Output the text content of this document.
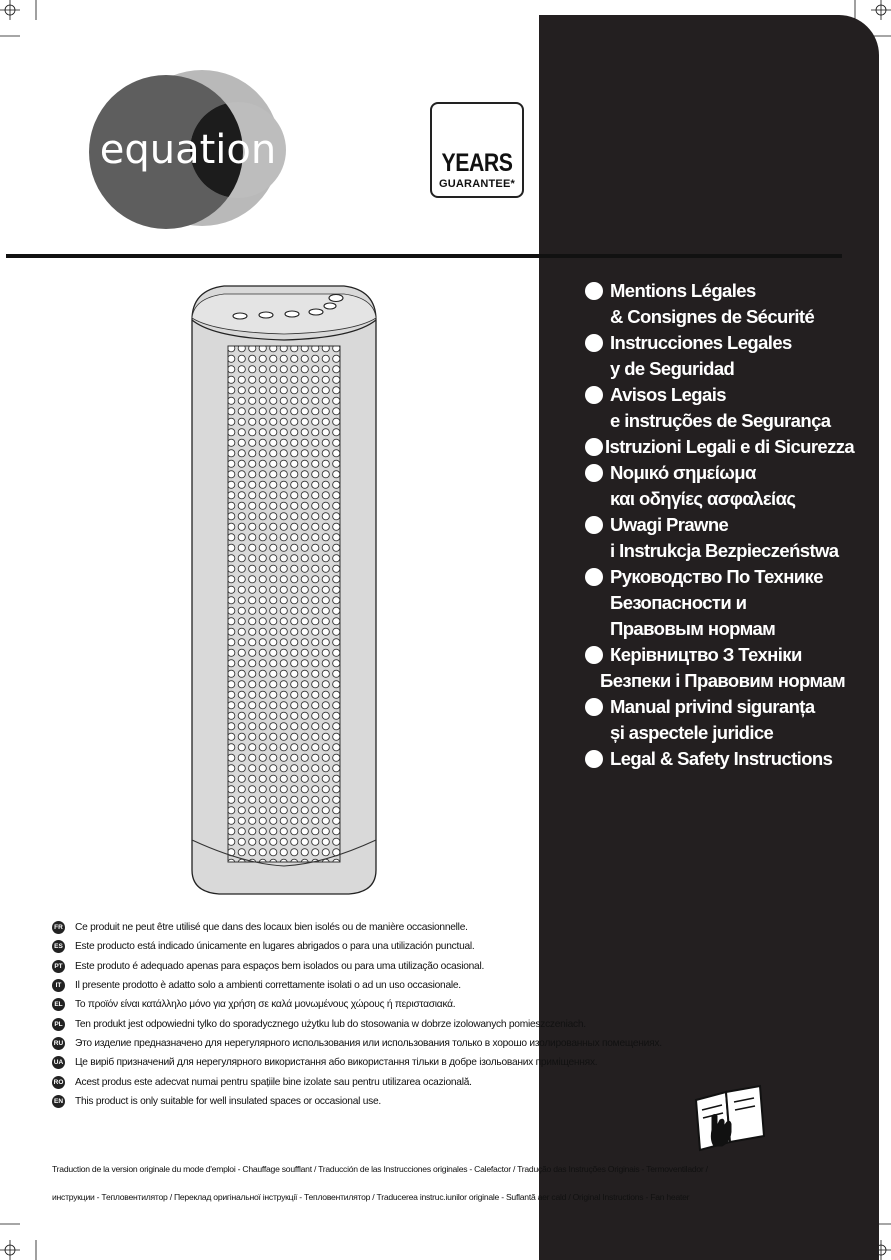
equation	YEARS
GUARANTEE*
Mentions Légales
& Consignes de Sécurité
Instrucciones Legales
y de Seguridad
Avisos Legais
e instruções de Segurança
Istruzioni Legali e di Sicurezza
Νομικό σημείωμα
και οδηγίες ασφαλείας
Uwagi Prawne
i Instrukcja Bezpieczeństwa
Руководство По Технике
Безопасности и
Правовым нормам
Керівництво З Техніки
Безпеки і Правовим нормам
Manual privind siguranța
și aspectele juridice
Legal & Safety Instructions
FR Ce produit ne peut être utilisé que dans des locaux bien isolés ou de manière occasionnelle.
ES Este producto está indicado únicamente en lugares abrigados o para una utilización punctual.
PT Este produto é adequado apenas para espaços bem isolados ou para uma utilização ocasional.
IT Il presente prodotto è adatto solo a ambienti correttamente isolati o ad un uso occasionale.
EL Το προϊόν είναι κατάλληλο μόνο για χρήση σε καλά μονωμένους χώρους ή περιστασιακά.
PL Ten produkt jest odpowiedni tylko do sporadycznego użytku lub do stosowania w dobrze izolowanych pomieszczeniach.
RU Это изделие предназначено для нерегулярного использования или использования только в хорошо изолированных помещениях.
UA Це виріб призначений для нерегулярного використання або використання тільки в добре ізольованих приміщеннях.
RO Acest produs este adecvat numai pentru spațiile bine izolate sau pentru utilizarea ocazională.
EN This product is only suitable for well insulated spaces or occasional use.
Traduction de la version originale du mode d'emploi - Chauffage soufflant / Traducción de las Instrucciones originales - Calefactor / Tradução das Instruções Originais - Termoventilador /
инструкции - Тепловентилятор / Переклад оригінальної інструкції - Тепловентилятор / Traducerea instruc.iunilor originale - Suflantă aer cald / Original Instructions - Fan heater
